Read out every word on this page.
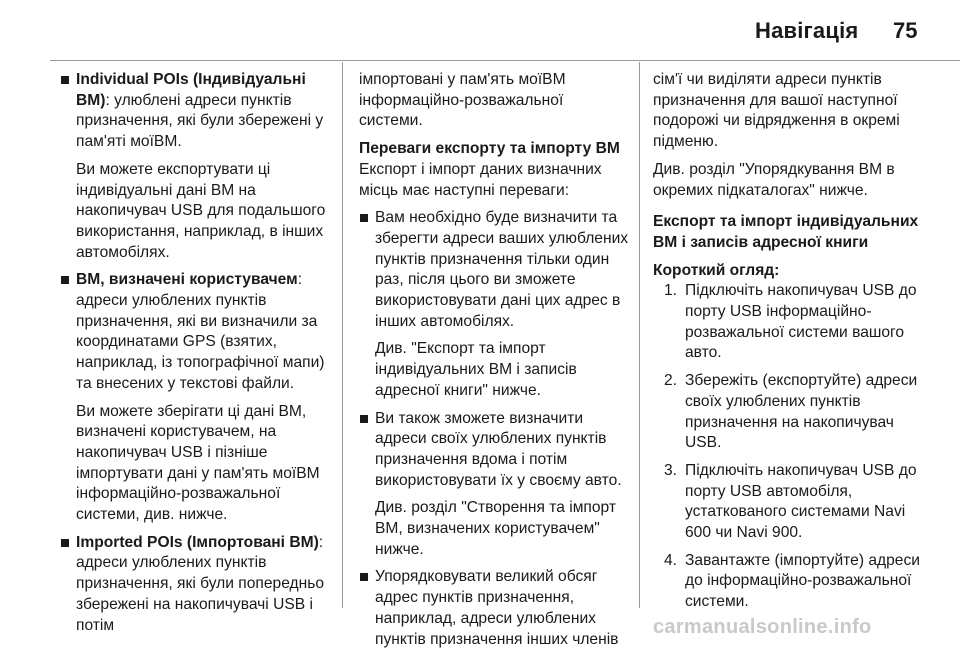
Навігація 75

Individual POIs (Індивідуальні ВМ): улюблені адреси пунктів призначення, які були збережені у пам'яті моїВМ.

Ви можете експортувати ці індивідуальні дані ВМ на накопичувач USB для подальшого використання, наприклад, в інших автомобілях.

ВМ, визначені користувачем: адреси улюблених пунктів призначення, які ви визначили за координатами GPS (взятих, наприклад, із топографічної мапи) та внесених у текстові файли.

Ви можете зберігати ці дані ВМ, визначені користувачем, на накопичувач USB і пізніше імпортувати дані у пам'ять моїВМ інформаційно-розважальної системи, див. нижче.

Imported POIs (Імпортовані ВМ): адреси улюблених пунктів призначення, які були попередньо збережені на накопичувачі USB і потім

імпортовані у пам'ять моїВМ інформаційно-розважальної системи.

Переваги експорту та імпорту ВМ

Експорт і імпорт даних визначних місць має наступні переваги:

Вам необхідно буде визначити та зберегти адреси ваших улюблених пунктів призначення тільки один раз, після цього ви зможете використовувати дані цих адрес в інших автомобілях.

Див. "Експорт та імпорт індивідуальних ВМ і записів адресної книги" нижче.

Ви також зможете визначити адреси своїх улюблених пунктів призначення вдома і потім використовувати їх у своєму авто.

Див. розділ "Створення та імпорт ВМ, визначених користувачем" нижче.

Упорядковувати великий обсяг адрес пунктів призначення, наприклад, адреси улюблених пунктів призначення інших членів

сім'ї чи виділяти адреси пунктів призначення для вашої наступної подорожі чи відрядження в окремі підменю.

Див. розділ "Упорядкування ВМ в окремих підкаталогах" нижче.

Експорт та імпорт індивідуальних ВМ і записів адресної книги

Короткий огляд:

1. Підключіть накопичувач USB до порту USB інформаційно-розважальної системи вашого авто.

2. Збережіть (експортуйте) адреси своїх улюблених пунктів призначення на накопичувач USB.

3. Підключіть накопичувач USB до порту USB автомобіля, устаткованого системами Navi 600 чи Navi 900.

4. Завантажте (імпортуйте) адреси до інформаційно-розважальної системи.

carmanualsonline.info
